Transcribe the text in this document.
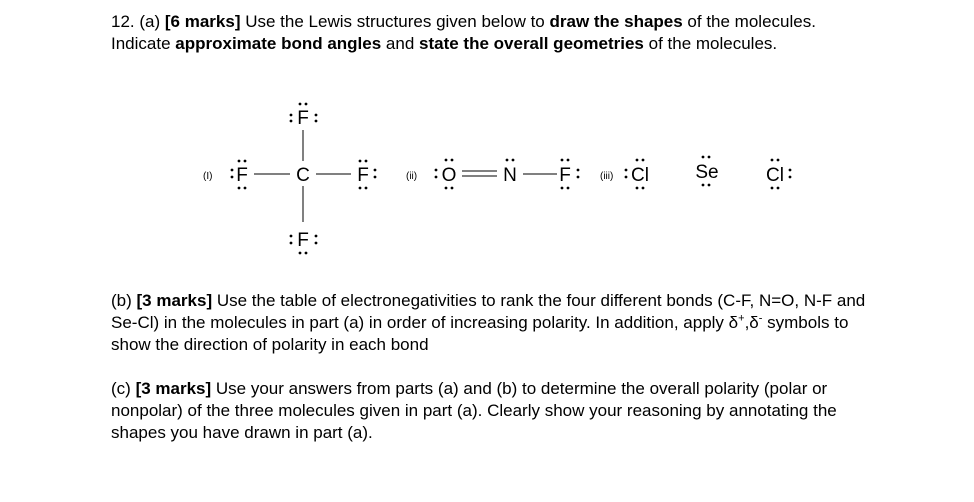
12. (a) [6 marks] Use the Lewis structures given below to draw the shapes of the molecules. Indicate approximate bond angles and state the overall geometries of the molecules.

(I)
F
F	C F
F
(ii) O N F	(iii) Cl Se Cl

(b) [3 marks] Use the table of electronegativities to rank the four different bonds (C-F, N=O, N-F and Se-Cl) in the molecules in part (a) in order of increasing polarity. In addition, apply δ+,δ- symbols to show the direction of polarity in each bond

(c) [3 marks] Use your answers from parts (a) and (b) to determine the overall polarity (polar or nonpolar) of the three molecules given in part (a). Clearly show your reasoning by annotating the shapes you have drawn in part (a).
